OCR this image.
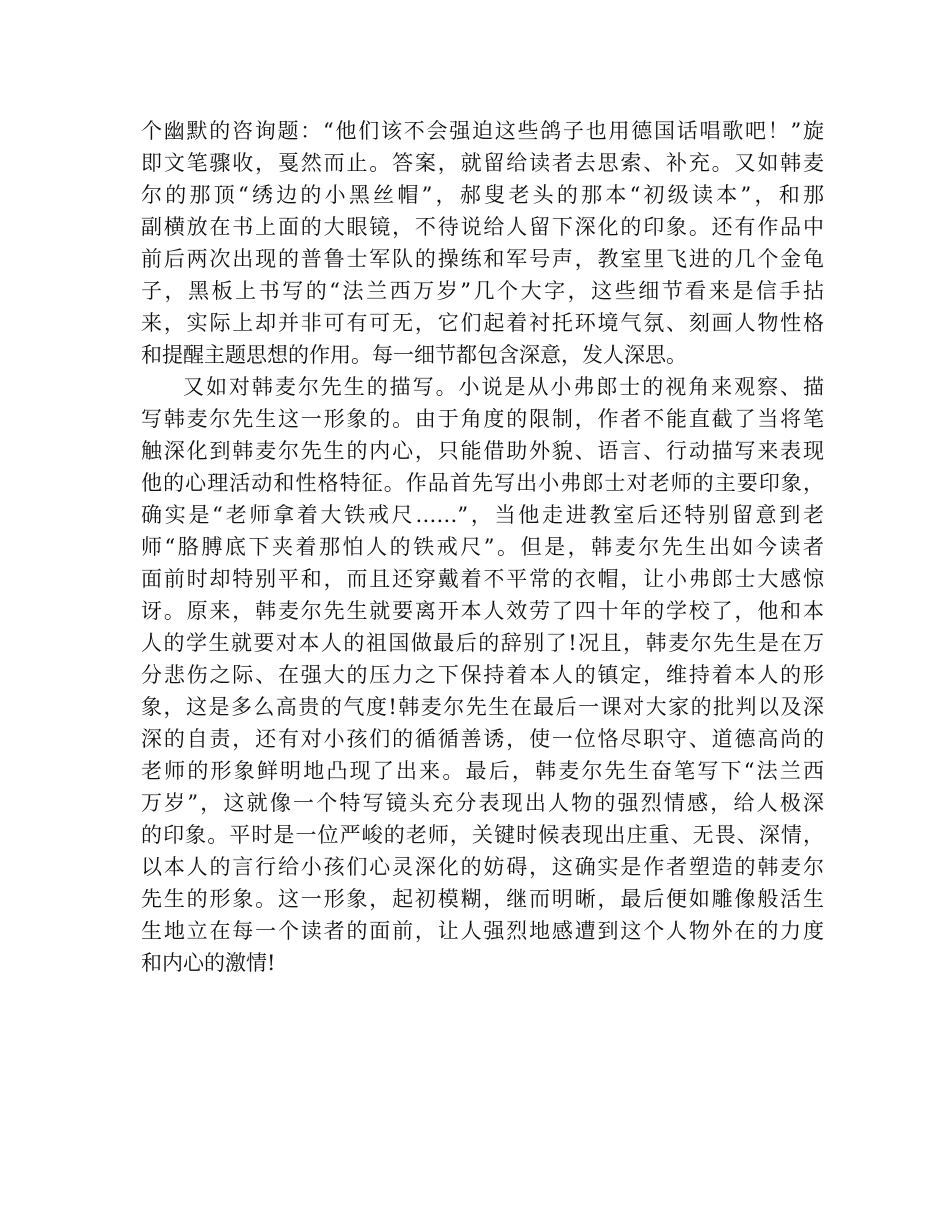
个幽默的咨询题：“他们该不会强迫这些鸽子也用德国话唱歌吧！”旋
即文笔骤收，戛然而止。答案，就留给读者去思索、补充。又如韩麦
尔的那顶“绣边的小黑丝帽”，郝叟老头的那本“初级读本”，和那
副横放在书上面的大眼镜，不待说给人留下深化的印象。还有作品中
前后两次出现的普鲁士军队的操练和军号声，教室里飞进的几个金龟
子，黑板上书写的“法兰西万岁”几个大字，这些细节看来是信手拈
来，实际上却并非可有可无，它们起着衬托环境气氛、刻画人物性格
和提醒主题思想的作用。每一细节都包含深意，发人深思。
又如对韩麦尔先生的描写。小说是从小弗郎士的视角来观察、描
写韩麦尔先生这一形象的。由于角度的限制，作者不能直截了当将笔
触深化到韩麦尔先生的内心，只能借助外貌、语言、行动描写来表现
他的心理活动和性格特征。作品首先写出小弗郎士对老师的主要印象，
确实是“老师拿着大铁戒尺……”，当他走进教室后还特别留意到老
师“胳膊底下夹着那怕人的铁戒尺”。但是，韩麦尔先生出如今读者
面前时却特别平和，而且还穿戴着不平常的衣帽，让小弗郎士大感惊
讶。原来，韩麦尔先生就要离开本人效劳了四十年的学校了，他和本
人的学生就要对本人的祖国做最后的辞别了!况且，韩麦尔先生是在万
分悲伤之际、在强大的压力之下保持着本人的镇定，维持着本人的形
象，这是多么高贵的气度!韩麦尔先生在最后一课对大家的批判以及深
深的自责，还有对小孩们的循循善诱，使一位恪尽职守、道德高尚的
老师的形象鲜明地凸现了出来。最后，韩麦尔先生奋笔写下“法兰西
万岁”，这就像一个特写镜头充分表现出人物的强烈情感，给人极深
的印象。平时是一位严峻的老师，关键时候表现出庄重、无畏、深情，
以本人的言行给小孩们心灵深化的妨碍，这确实是作者塑造的韩麦尔
先生的形象。这一形象，起初模糊，继而明晰，最后便如雕像般活生
生地立在每一个读者的面前，让人强烈地感遭到这个人物外在的力度
和内心的激情!
